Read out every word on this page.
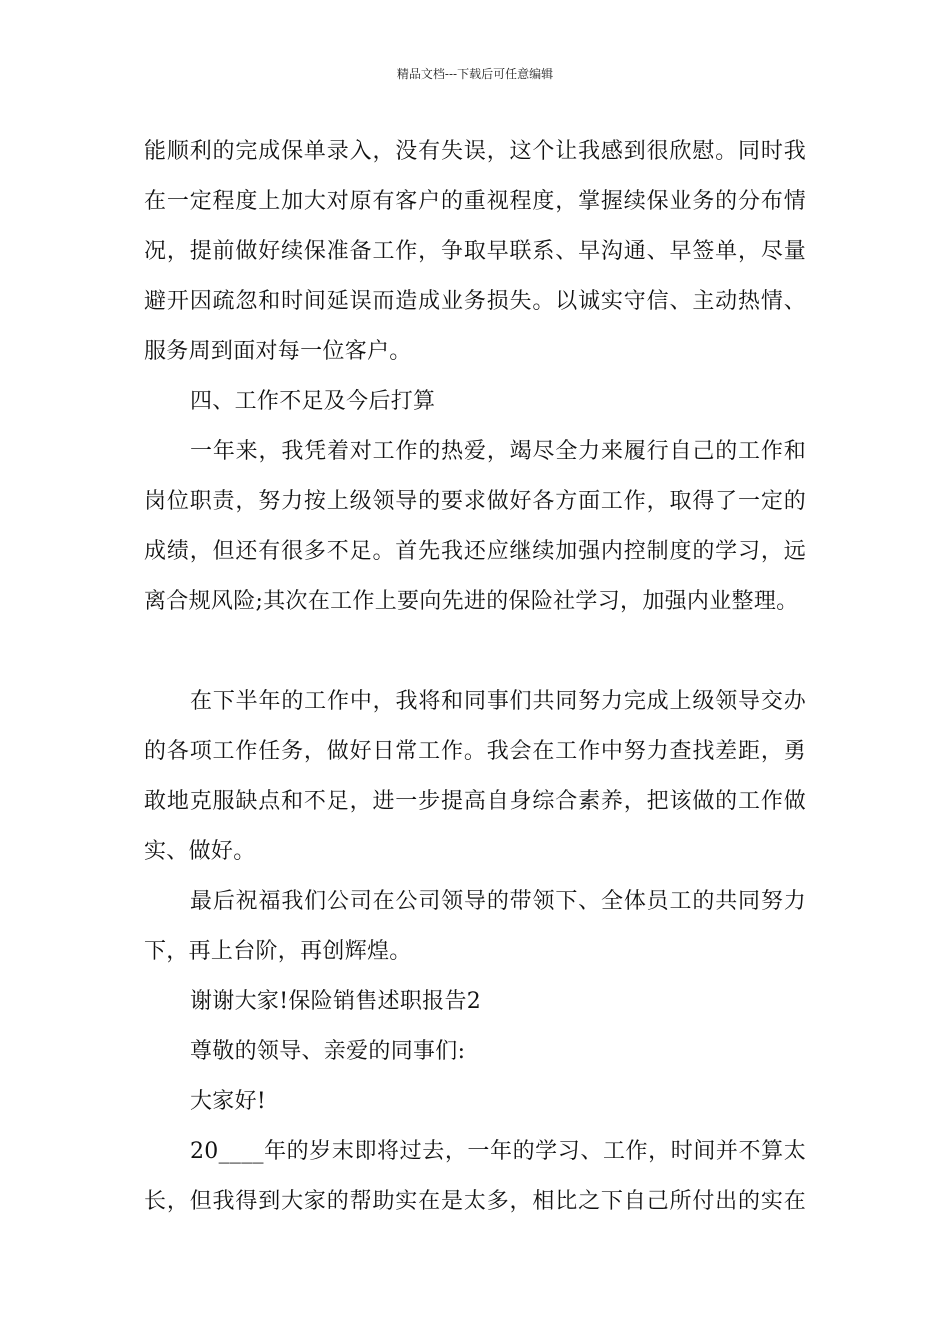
精品文档---下载后可任意编辑
能顺利的完成保单录入，没有失误，这个让我感到很欣慰。同时我
在一定程度上加大对原有客户的重视程度，掌握续保业务的分布情
况，提前做好续保准备工作，争取早联系、早沟通、早签单，尽量
避开因疏忽和时间延误而造成业务损失。以诚实守信、主动热情、
服务周到面对每一位客户。
四、工作不足及今后打算
一年来，我凭着对工作的热爱，竭尽全力来履行自己的工作和
岗位职责，努力按上级领导的要求做好各方面工作，取得了一定的
成绩，但还有很多不足。首先我还应继续加强内控制度的学习，远
离合规风险;其次在工作上要向先进的保险社学习，加强内业整理。
在下半年的工作中，我将和同事们共同努力完成上级领导交办
的各项工作任务，做好日常工作。我会在工作中努力查找差距，勇
敢地克服缺点和不足，进一步提高自身综合素养，把该做的工作做
实、做好。
最后祝福我们公司在公司领导的带领下、全体员工的共同努力
下，再上台阶，再创辉煌。
谢谢大家!保险销售述职报告2
尊敬的领导、亲爱的同事们:
大家好!
20____年的岁末即将过去，一年的学习、工作，时间并不算太
长，但我得到大家的帮助实在是太多，相比之下自己所付出的实在
